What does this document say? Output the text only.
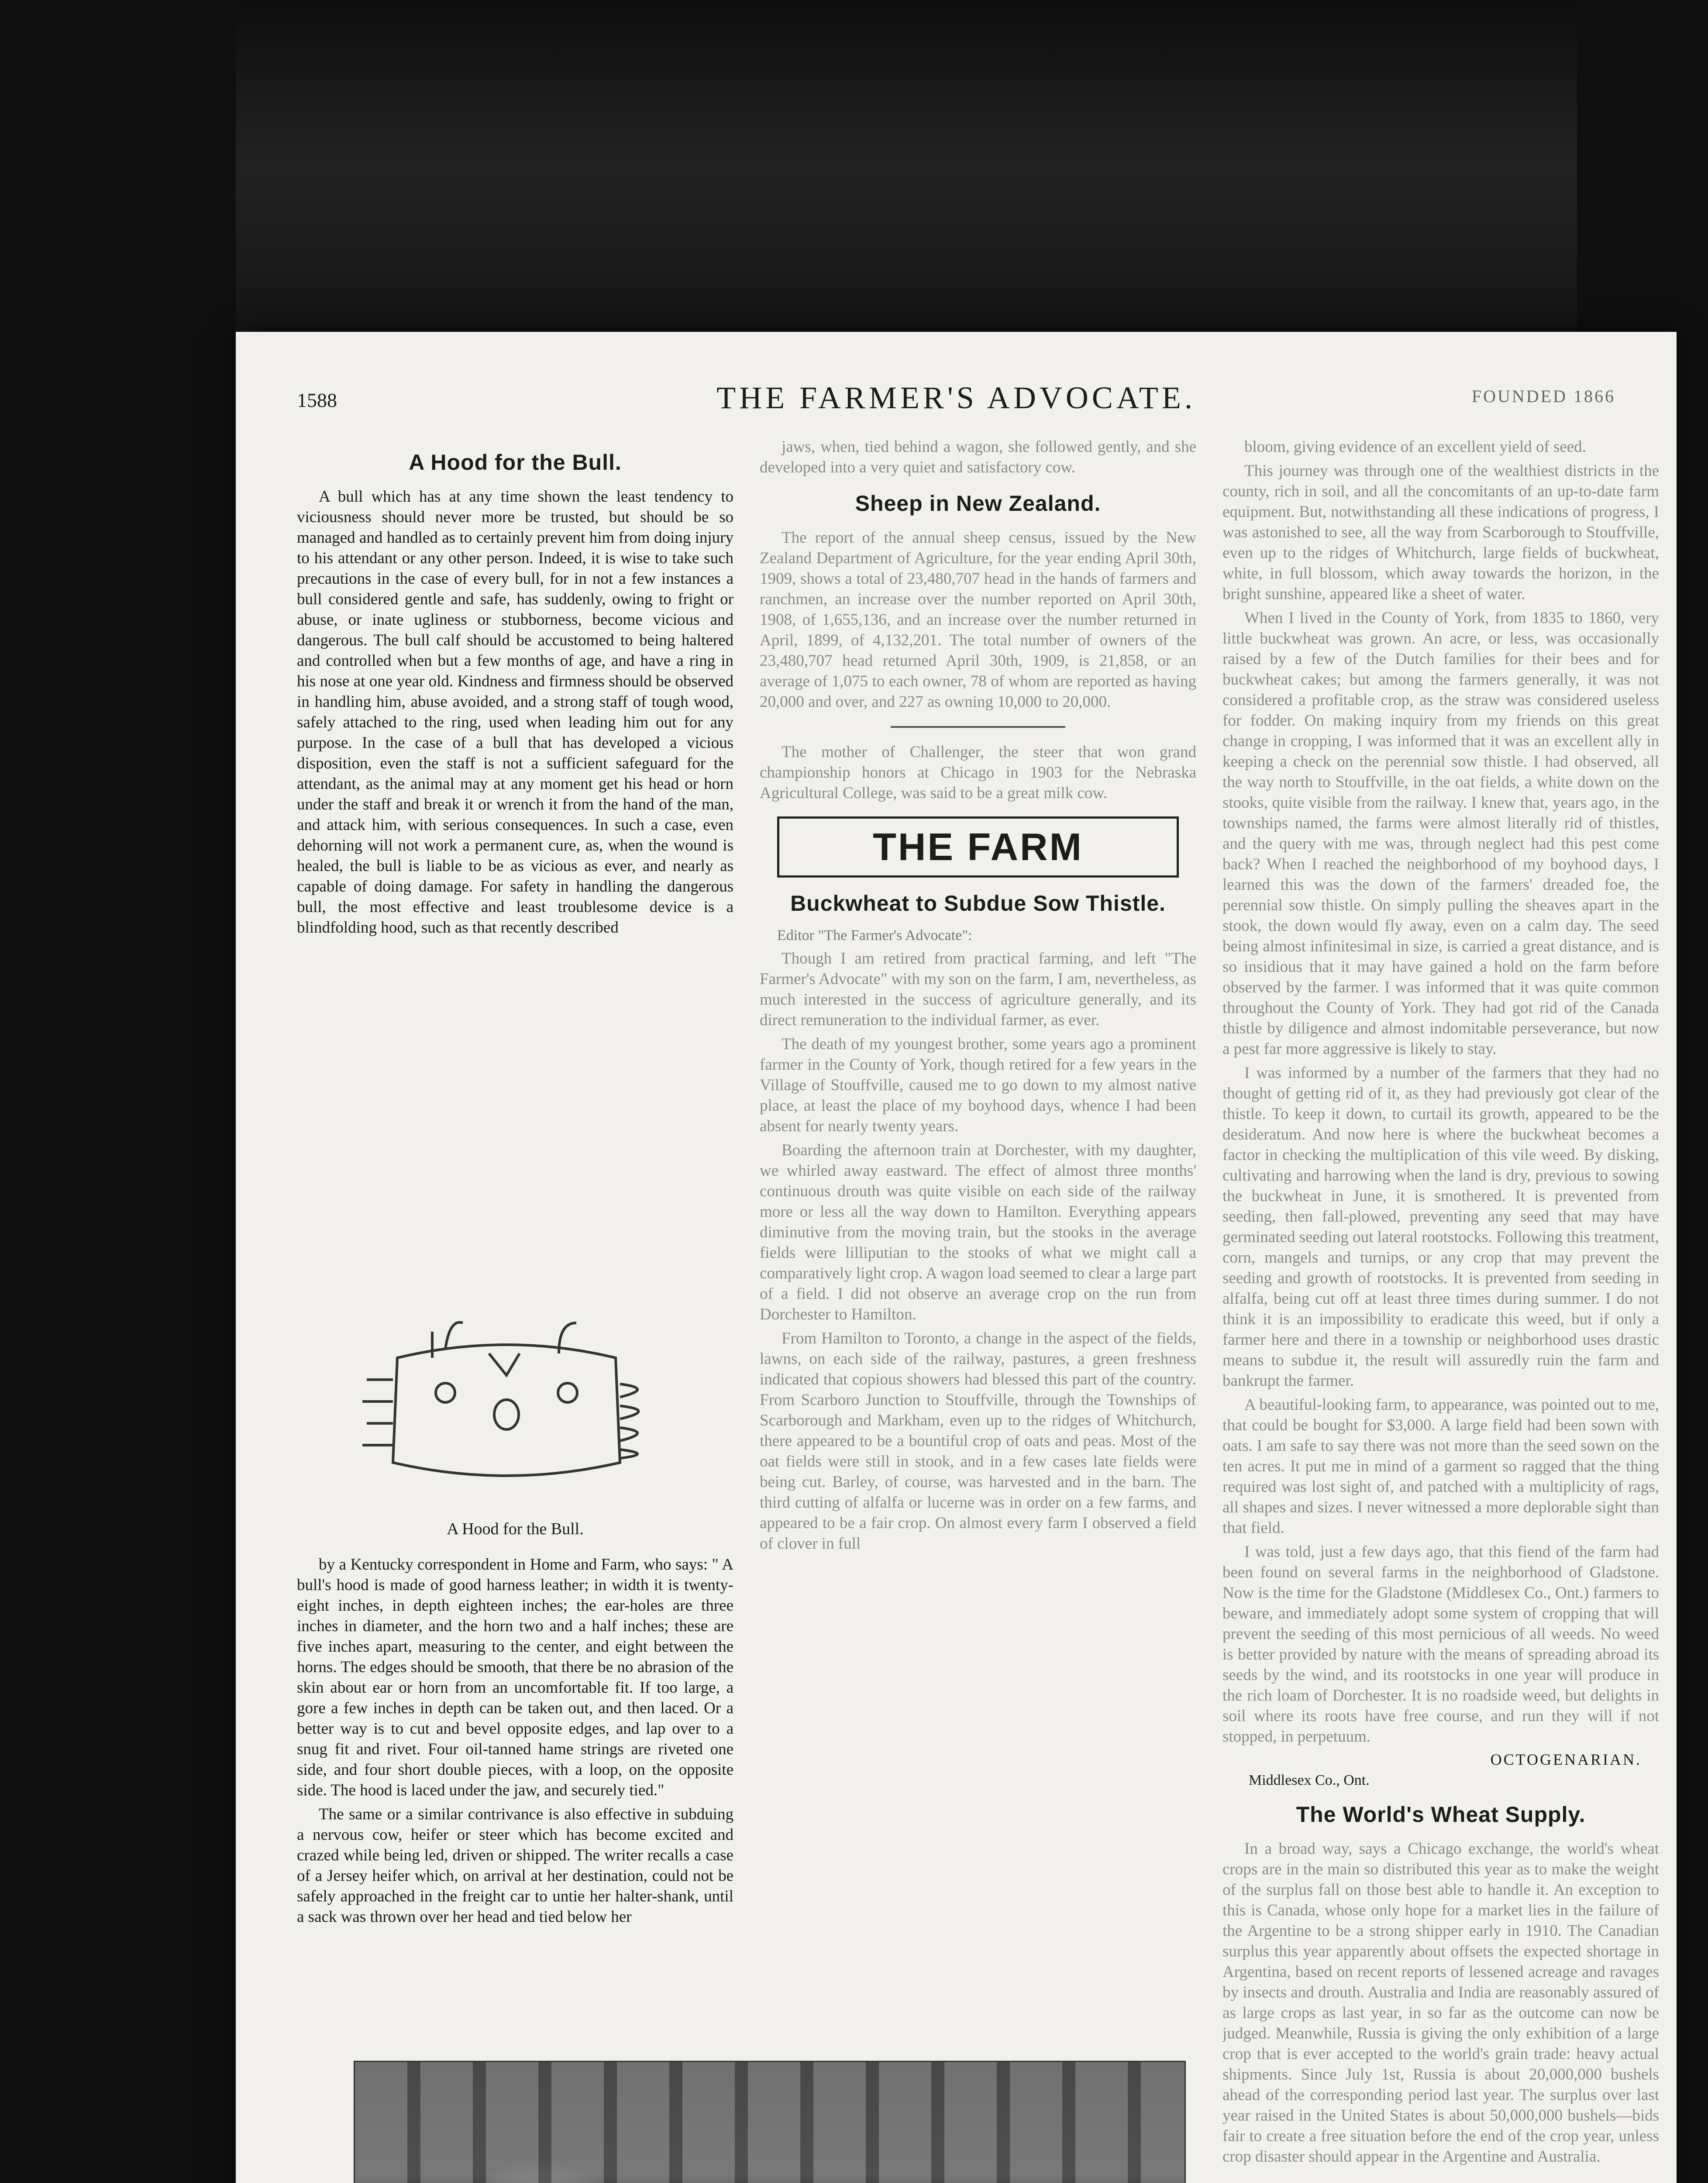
1588	THE FARMER'S ADVOCATE.	FOUNDED 1866
A Hood for the Bull.

A bull which has at any time shown the least tendency to viciousness should never more be trusted, but should be so managed and handled as to certainly prevent him from doing injury to his attendant or any other person. Indeed, it is wise to take such precautions in the case of every bull, for in not a few instances a bull considered gentle and safe, has suddenly, owing to fright or abuse, or inate ugliness or stubborness, become vicious and dangerous. The bull calf should be accustomed to being haltered and controlled when but a few months of age, and have a ring in his nose at one year old. Kindness and firmness should be observed in handling him, abuse avoided, and a strong staff of tough wood, safely attached to the ring, used when leading him out for any purpose. In the case of a bull that has developed a vicious disposition, even the staff is not a sufficient safeguard for the attendant, as the animal may at any moment get his head or horn under the staff and break it or wrench it from the hand of the man, and attack him, with serious consequences. In such a case, even dehorning will not work a permanent cure, as, when the wound is healed, the bull is liable to be as vicious as ever, and nearly as capable of doing damage. For safety in handling the dangerous bull, the most effective and least troublesome device is a blindfolding hood, such as that recently described

A Hood for the Bull.

by a Kentucky correspondent in Home and Farm, who says: " A bull's hood is made of good harness leather; in width it is twenty-eight inches, in depth eighteen inches; the ear-holes are three inches in diameter, and the horn two and a half inches; these are five inches apart, measuring to the center, and eight between the horns. The edges should be smooth, that there be no abrasion of the skin about ear or horn from an uncomfortable fit. If too large, a gore a few inches in depth can be taken out, and then laced. Or a better way is to cut and bevel opposite edges, and lap over to a snug fit and rivet. Four oil-tanned hame strings are riveted one side, and four short double pieces, with a loop, on the opposite side. The hood is laced under the jaw, and securely tied."

The same or a similar contrivance is also effective in subduing a nervous cow, heifer or steer which has become excited and crazed while being led, driven or shipped. The writer recalls a case of a Jersey heifer which, on arrival at her destination, could not be safely approached in the freight car to untie her halter-shank, until a sack was thrown over her head and tied below her

jaws, when, tied behind a wagon, she followed gently, and she developed into a very quiet and satisfactory cow.

Sheep in New Zealand.

The report of the annual sheep census, issued by the New Zealand Department of Agriculture, for the year ending April 30th, 1909, shows a total of 23,480,707 head in the hands of farmers and ranchmen, an increase over the number reported on April 30th, 1908, of 1,655,136, and an increase over the number returned in April, 1899, of 4,132,201. The total number of owners of the 23,480,707 head returned April 30th, 1909, is 21,858, or an average of 1,075 to each owner, 78 of whom are reported as having 20,000 and over, and 227 as owning 10,000 to 20,000.

The mother of Challenger, the steer that won grand championship honors at Chicago in 1903 for the Nebraska Agricultural College, was said to be a great milk cow.

THE FARM
Buckwheat to Subdue Sow Thistle.
Editor "The Farmer's Advocate":

Though I am retired from practical farming, and left "The Farmer's Advocate" with my son on the farm, I am, nevertheless, as much interested in the success of agriculture generally, and its direct remuneration to the individual farmer, as ever.

The death of my youngest brother, some years ago a prominent farmer in the County of York, though retired for a few years in the Village of Stouffville, caused me to go down to my almost native place, at least the place of my boyhood days, whence I had been absent for nearly twenty years.

Boarding the afternoon train at Dorchester, with my daughter, we whirled away eastward. The effect of almost three months' continuous drouth was quite visible on each side of the railway more or less all the way down to Hamilton. Everything appears diminutive from the moving train, but the stooks in the average fields were lilliputian to the stooks of what we might call a comparatively light crop. A wagon load seemed to clear a large part of a field. I did not observe an average crop on the run from Dorchester to Hamilton.

From Hamilton to Toronto, a change in the aspect of the fields, lawns, on each side of the railway, pastures, a green freshness indicated that copious showers had blessed this part of the country. From Scarboro Junction to Stouffville, through the Townships of Scarborough and Markham, even up to the ridges of Whitchurch, there appeared to be a bountiful crop of oats and peas. Most of the oat fields were still in stook, and in a few cases late fields were being cut. Barley, of course, was harvested and in the barn. The third cutting of alfalfa or lucerne was in order on a few farms, and appeared to be a fair crop. On almost every farm I observed a field of clover in full

bloom, giving evidence of an excellent yield of seed.

This journey was through one of the wealthiest districts in the county, rich in soil, and all the concomitants of an up-to-date farm equipment. But, notwithstanding all these indications of progress, I was astonished to see, all the way from Scarborough to Stouffville, even up to the ridges of Whitchurch, large fields of buckwheat, white, in full blossom, which away towards the horizon, in the bright sunshine, appeared like a sheet of water.

When I lived in the County of York, from 1835 to 1860, very little buckwheat was grown. An acre, or less, was occasionally raised by a few of the Dutch families for their bees and for buckwheat cakes; but among the farmers generally, it was not considered a profitable crop, as the straw was considered useless for fodder. On making inquiry from my friends on this great change in cropping, I was informed that it was an excellent ally in keeping a check on the perennial sow thistle. I had observed, all the way north to Stouffville, in the oat fields, a white down on the stooks, quite visible from the railway. I knew that, years ago, in the townships named, the farms were almost literally rid of thistles, and the query with me was, through neglect had this pest come back? When I reached the neighborhood of my boyhood days, I learned this was the down of the farmers' dreaded foe, the perennial sow thistle. On simply pulling the sheaves apart in the stook, the down would fly away, even on a calm day. The seed being almost infinitesimal in size, is carried a great distance, and is so insidious that it may have gained a hold on the farm before observed by the farmer. I was informed that it was quite common throughout the County of York. They had got rid of the Canada thistle by diligence and almost indomitable perseverance, but now a pest far more aggressive is likely to stay.

I was informed by a number of the farmers that they had no thought of getting rid of it, as they had previously got clear of the thistle. To keep it down, to curtail its growth, appeared to be the desideratum. And now here is where the buckwheat becomes a factor in checking the multiplication of this vile weed. By disking, cultivating and harrowing when the land is dry, previous to sowing the buckwheat in June, it is smothered. It is prevented from seeding, then fall-plowed, preventing any seed that may have germinated seeding out lateral rootstocks. Following this treatment, corn, mangels and turnips, or any crop that may prevent the seeding and growth of rootstocks. It is prevented from seeding in alfalfa, being cut off at least three times during summer. I do not think it is an impossibility to eradicate this weed, but if only a farmer here and there in a township or neighborhood uses drastic means to subdue it, the result will assuredly ruin the farm and bankrupt the farmer.

A beautiful-looking farm, to appearance, was pointed out to me, that could be bought for $3,000. A large field had been sown with oats. I am safe to say there was not more than the seed sown on the ten acres. It put me in mind of a garment so ragged that the thing required was lost sight of, and patched with a multiplicity of rags, all shapes and sizes. I never witnessed a more deplorable sight than that field.

I was told, just a few days ago, that this fiend of the farm had been found on several farms in the neighborhood of Gladstone. Now is the time for the Gladstone (Middlesex Co., Ont.) farmers to beware, and immediately adopt some system of cropping that will prevent the seeding of this most pernicious of all weeds. No weed is better provided by nature with the means of spreading abroad its seeds by the wind, and its rootstocks in one year will produce in the rich loam of Dorchester. It is no roadside weed, but delights in soil where its roots have free course, and run they will if not stopped, in perpetuum.

OCTOGENARIAN.
Middlesex Co., Ont.
The World's Wheat Supply.

In a broad way, says a Chicago exchange, the world's wheat crops are in the main so distributed this year as to make the weight of the surplus fall on those best able to handle it. An exception to this is Canada, whose only hope for a market lies in the failure of the Argentine to be a strong shipper early in 1910. The Canadian surplus this year apparently about offsets the expected shortage in Argentina, based on recent reports of lessened acreage and ravages by insects and drouth. Australia and India are reasonably assured of as large crops as last year, in so far as the outcome can now be judged. Meanwhile, Russia is giving the only exhibition of a large crop that is ever accepted to the world's grain trade: heavy actual shipments. Since July 1st, Russia is about 20,000,000 bushels ahead of the corresponding period last year. The surplus over last year raised in the United States is about 50,000,000 bushels—bids fair to create a free situation before the end of the crop year, unless crop disaster should appear in the Argentine and Australia.
